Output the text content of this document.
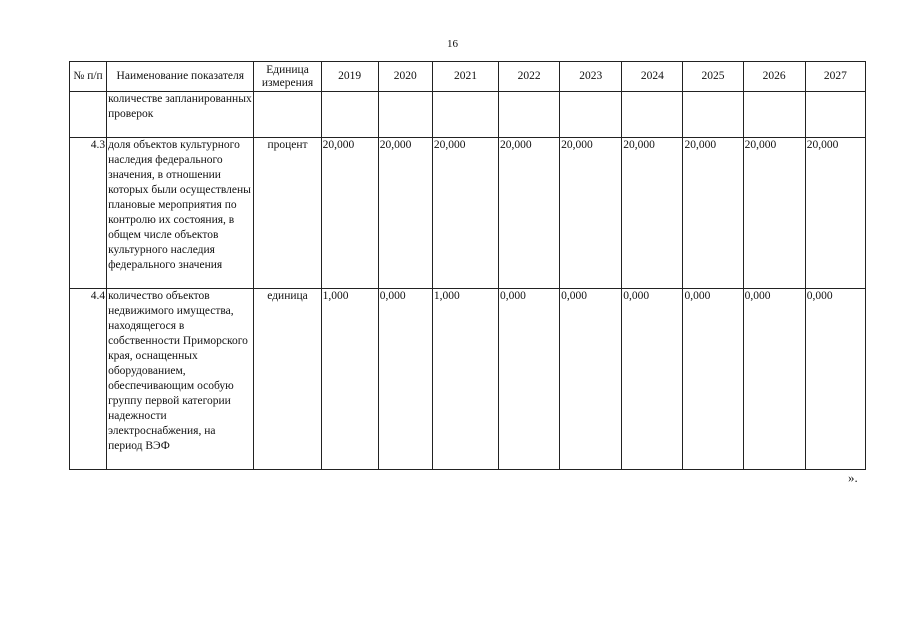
16
№ п/п	Наименование показателя	Единица измерения	2019	2020	2021	2022	2023	2024	2025	2026	2027
	количестве запланированных проверок										
4.3	доля объектов культурного наследия федерального значения, в отношении которых были осуществлены плановые мероприятия по контролю их состояния, в общем числе объектов культурного наследия федерального значения	процент	20,000	20,000	20,000	20,000	20,000	20,000	20,000	20,000	20,000
4.4	количество объектов недвижимого имущества, находящегося в собственности Приморского края, оснащенных оборудованием, обеспечивающим особую группу первой категории надежности электроснабжения, на период ВЭФ	единица	1,000	0,000	1,000	0,000	0,000	0,000	0,000	0,000	0,000
».
